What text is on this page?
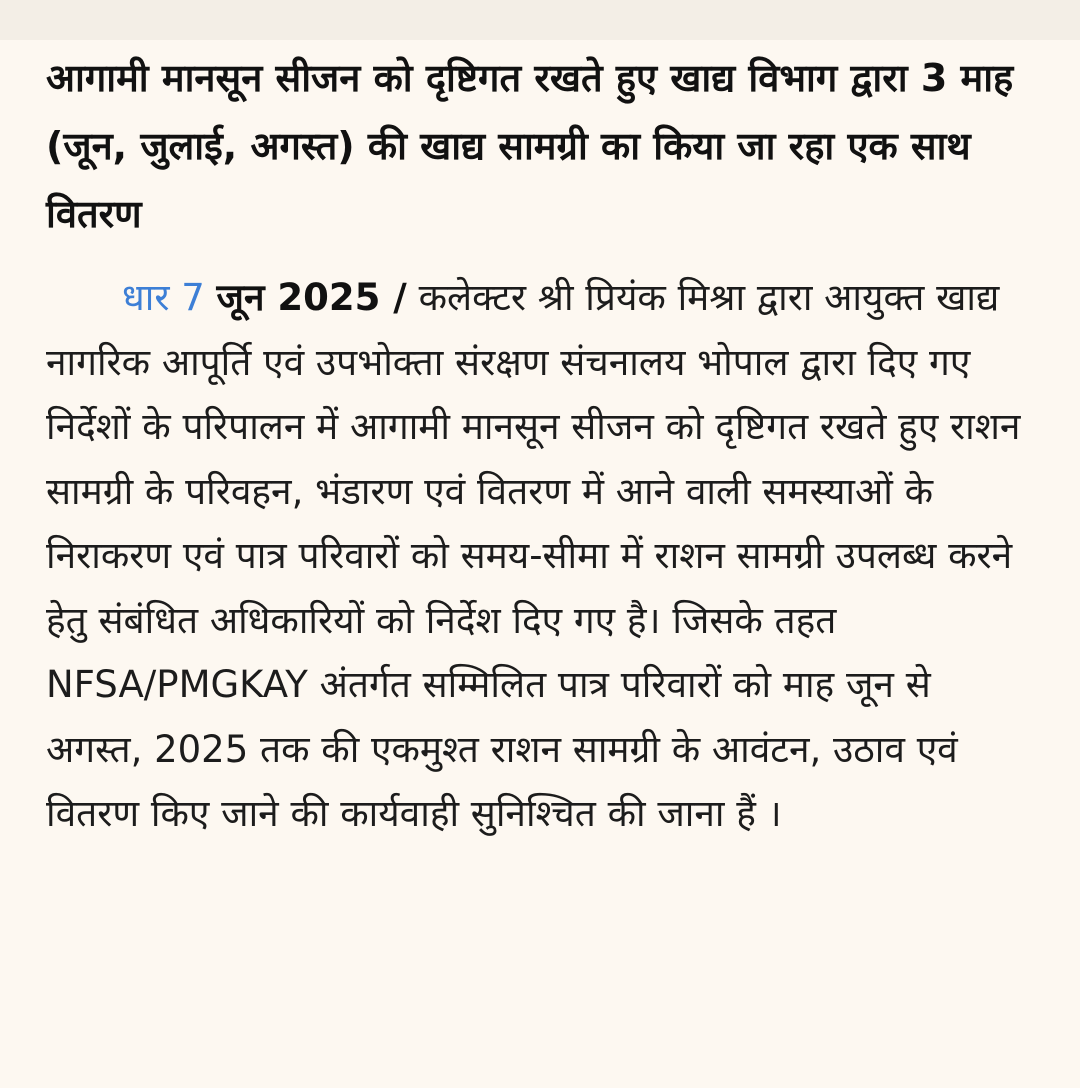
आगामी मानसून सीजन को दृष्टिगत रखते हुए खाद्य विभाग द्वारा 3 माह (जून, जुलाई, अगस्त) की खाद्य सामग्री का किया जा रहा एक साथ वितरण

धार 7 जून 2025 / कलेक्टर श्री प्रियंक मिश्रा द्वारा आयुक्त खाद्य नागरिक आपूर्ति एवं उपभोक्ता संरक्षण संचनालय भोपाल द्वारा दिए गए निर्देशों के परिपालन में आगामी मानसून सीजन को दृष्टिगत रखते हुए राशन सामग्री के परिवहन, भंडारण एवं वितरण में आने वाली समस्याओं के निराकरण एवं पात्र परिवारों को समय-सीमा में राशन सामग्री उपलब्ध करने हेतु संबंधित अधिकारियों को निर्देश दिए गए है। जिसके तहत NFSA/PMGKAY अंतर्गत सम्मिलित पात्र परिवारों को माह जून से अगस्त, 2025 तक की एकमुश्त राशन सामग्री के आवंटन, उठाव एवं वितरण किए जाने की कार्यवाही सुनिश्चित की जाना हैं ।
